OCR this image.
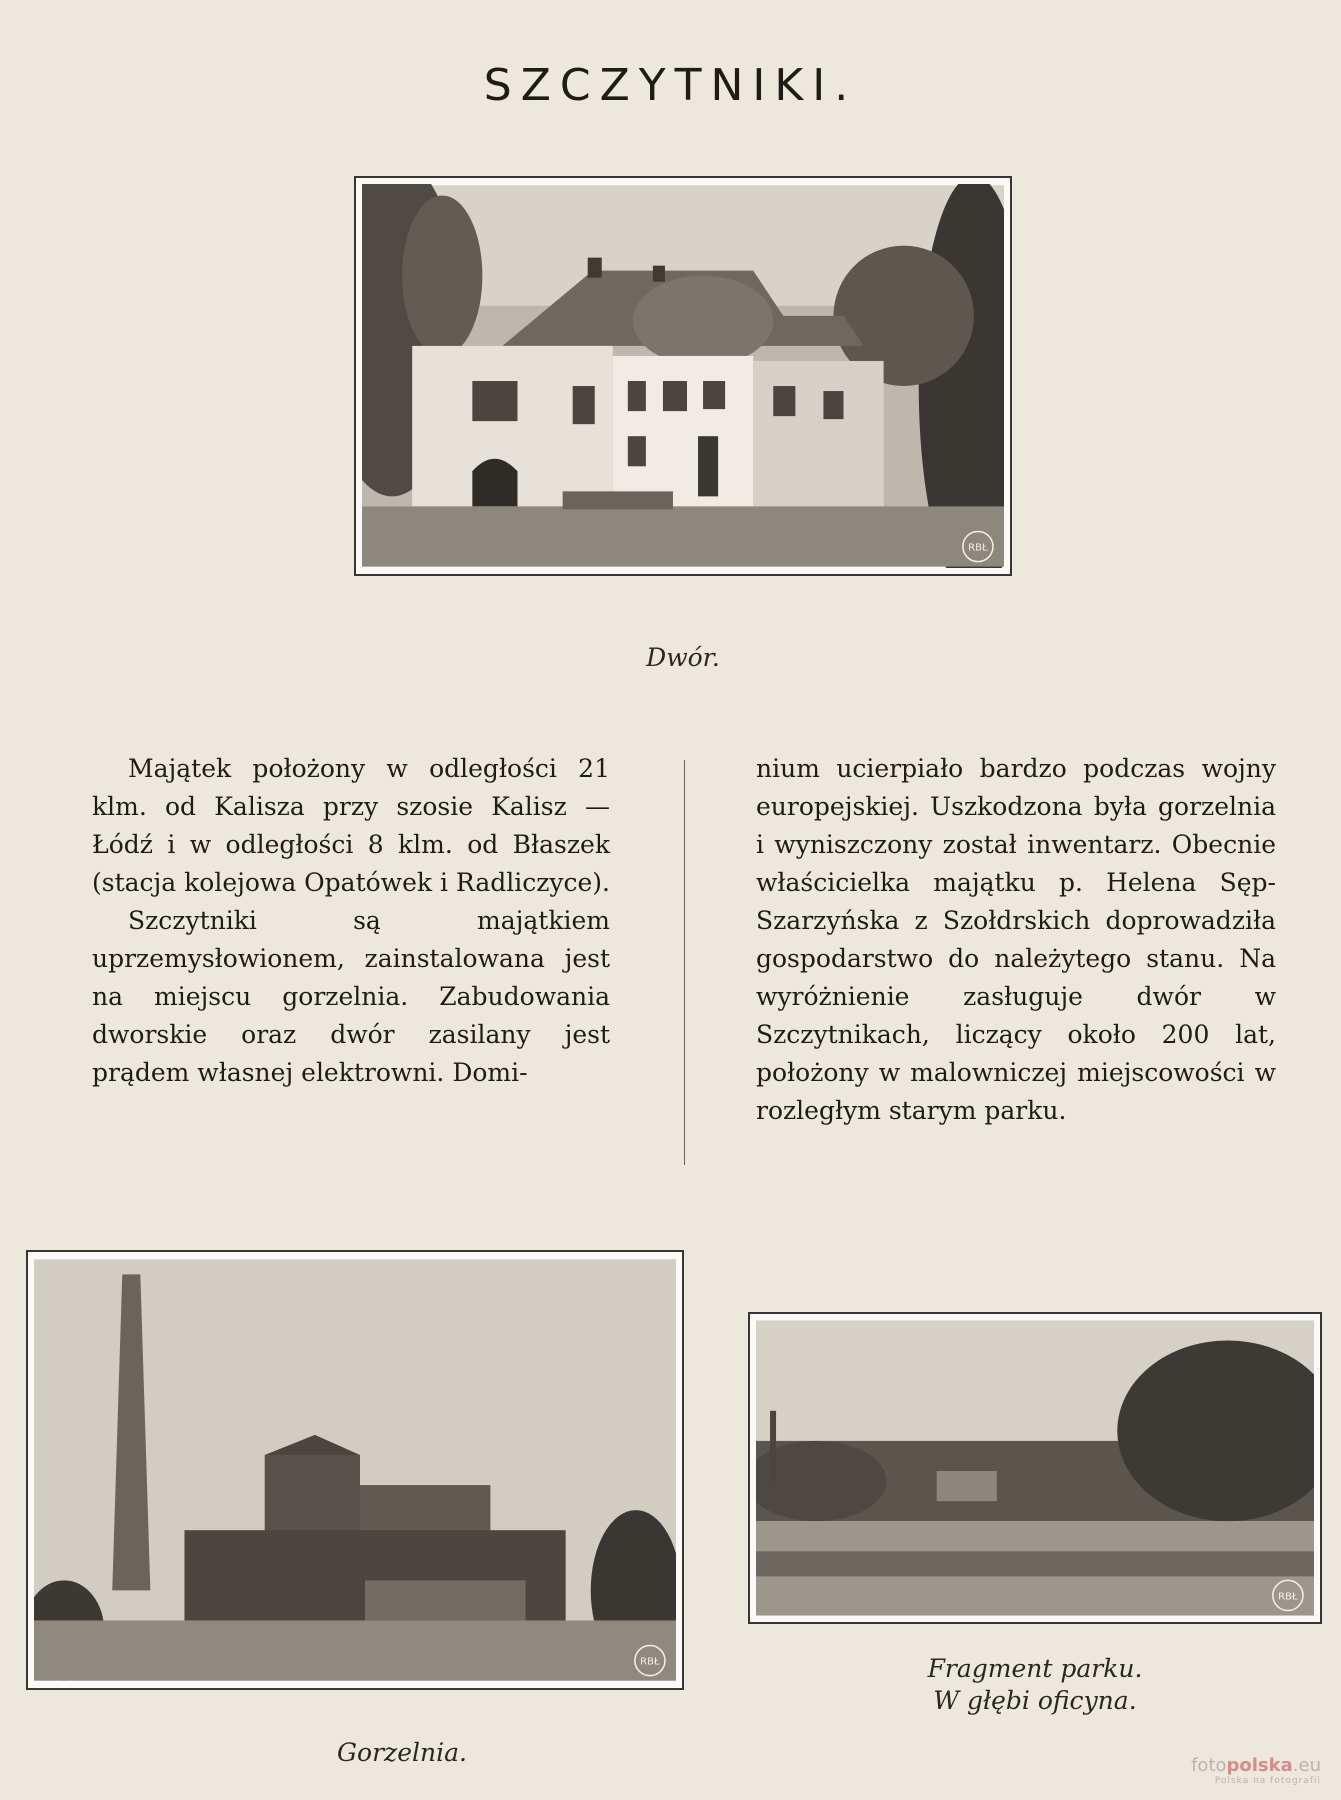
SZCZYTNIKI.
RBŁ
Dwór.

Majątek położony w odległości 21 klm. od Kalisza przy szosie Kalisz — Łódź i w odległości 8 klm. od Błaszek (stacja kolejowa Opatówek i Radliczyce).

Szczytniki są majątkiem uprzemysłowionem, zainstalowana jest na miejscu gorzelnia. Zabudowania dworskie oraz dwór zasilany jest prądem własnej elektrowni. Domi-

nium ucierpiało bardzo podczas wojny europejskiej. Uszkodzona była gorzelnia i wyniszczony został inwentarz. Obecnie właścicielka majątku p. Helena Sęp-Szarzyńska z Szołdrskich doprowadziła gospodarstwo do należytego stanu. Na wyróżnienie zasługuje dwór w Szczytnikach, liczący około 200 lat, położony w malowniczej miejscowości w rozległym starym parku.

RBŁ
Gorzelnia.
RBŁ
Fragment parku.
W głębi oficyna.
fotopolska.eu
Polska na fotografii
